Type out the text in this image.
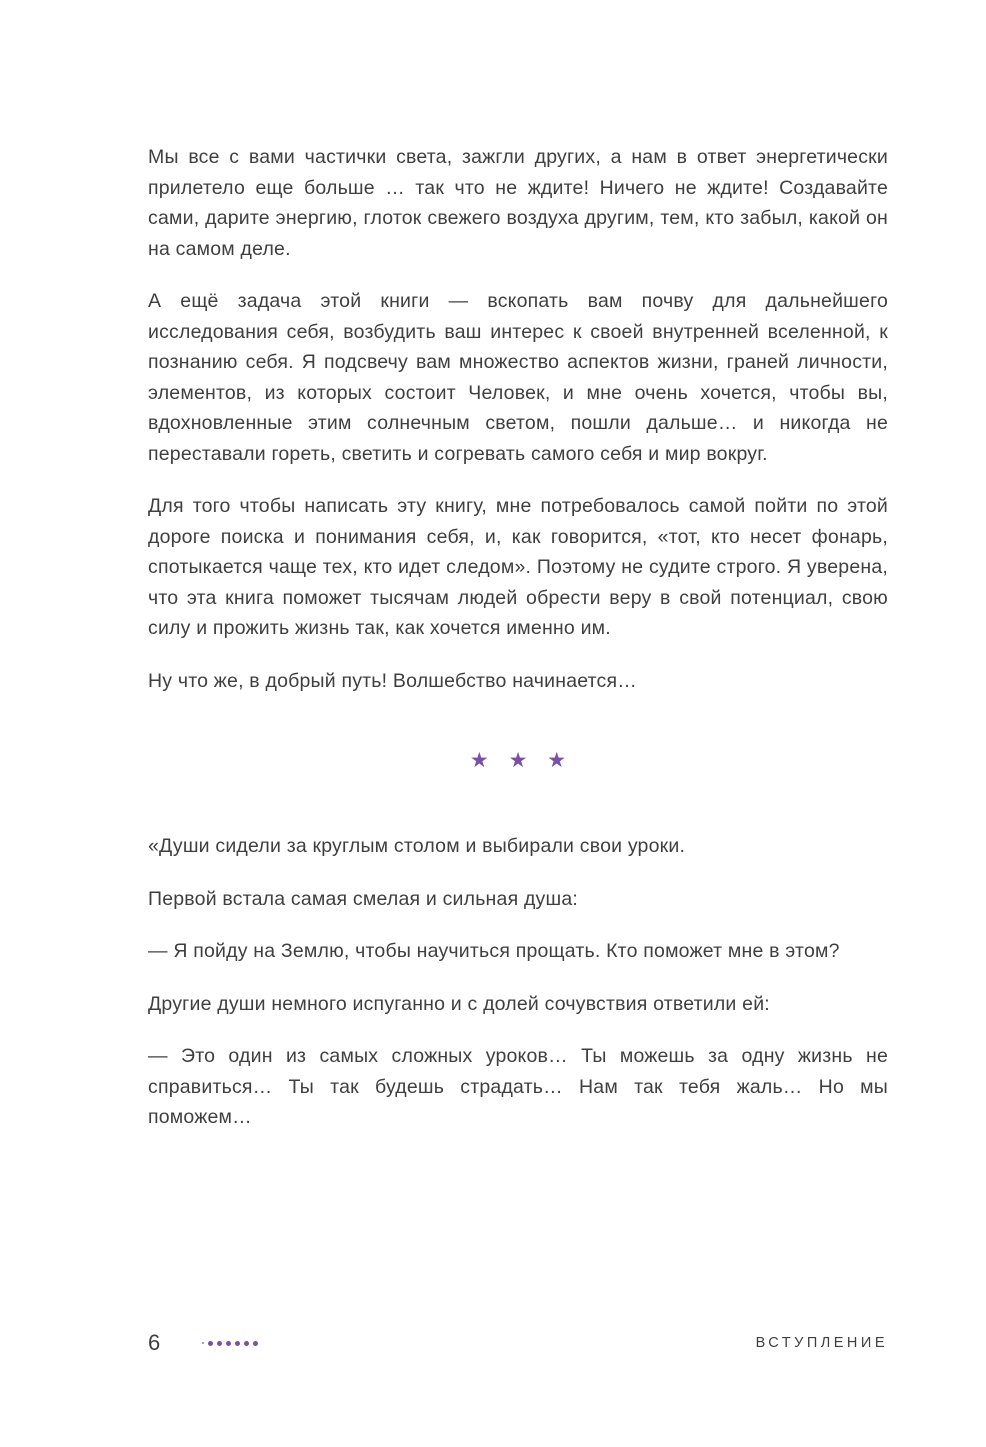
Мы все с вами частички света, зажгли других, а нам в ответ энергетически прилетело еще больше … так что не ждите! Ничего не ждите! Создавайте сами, дарите энергию, глоток свежего воздуха другим, тем, кто забыл, какой он на самом деле.

А ещё задача этой книги — вскопать вам почву для дальнейшего исследования себя, возбудить ваш интерес к своей внутренней вселенной, к познанию себя. Я подсвечу вам множество аспектов жизни, граней личности, элементов, из которых состоит Человек, и мне очень хочется, чтобы вы, вдохновленные этим солнечным светом, пошли дальше… и никогда не переставали гореть, светить и согревать самого себя и мир вокруг.

Для того чтобы написать эту книгу, мне потребовалось самой пойти по этой дороге поиска и понимания себя, и, как говорится, «тот, кто несет фонарь, спотыкается чаще тех, кто идет следом». Поэтому не судите строго. Я уверена, что эта книга поможет тысячам людей обрести веру в свой потенциал, свою силу и прожить жизнь так, как хочется именно им.

Ну что же, в добрый путь! Волшебство начинается…

★ ★ ★

«Души сидели за круглым столом и выбирали свои уроки.

Первой встала самая смелая и сильная душа:

— Я пойду на Землю, чтобы научиться прощать. Кто поможет мне в этом?

Другие души немного испуганно и с долей сочувствия ответили ей:

— Это один из самых сложных уроков… Ты можешь за одну жизнь не справиться… Ты так будешь страдать… Нам так тебя жаль… Но мы поможем…

6	ВСТУПЛЕНИЕ
